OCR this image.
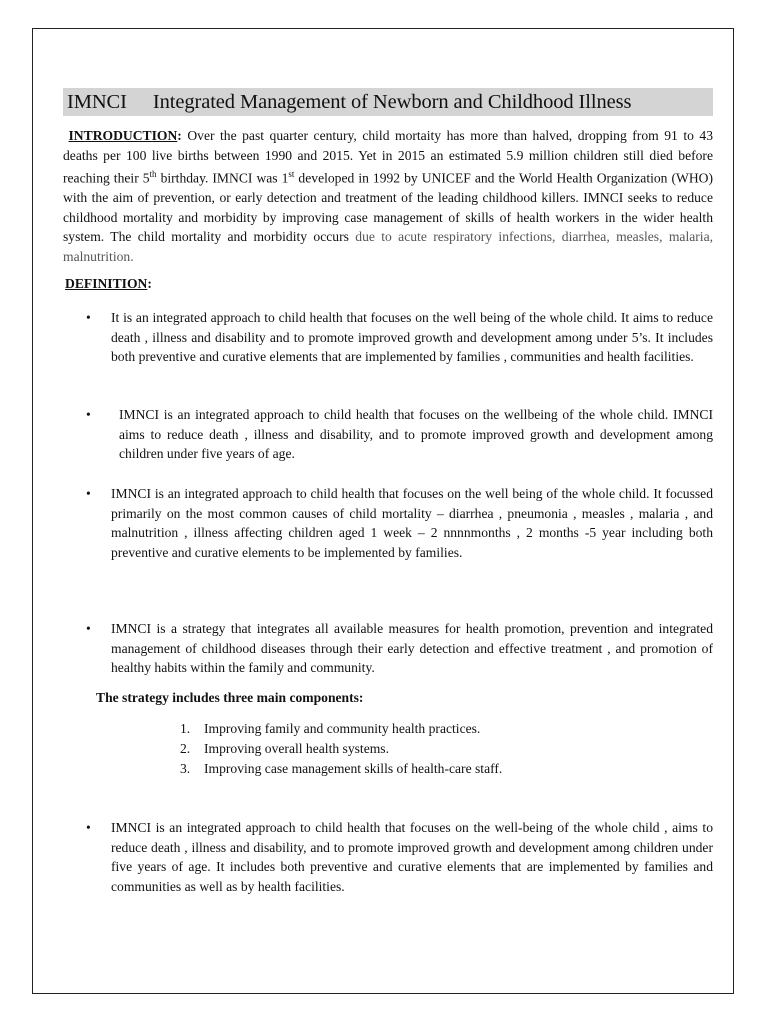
IMNCI Integrated Management of Newborn and Childhood Illness

INTRODUCTION: Over the past quarter century, child mortaity has more than halved, dropping from 91 to 43 deaths per 100 live births between 1990 and 2015. Yet in 2015 an estimated 5.9 million children still died before reaching their 5th birthday. IMNCI was 1st developed in 1992 by UNICEF and the World Health Organization (WHO) with the aim of prevention, or early detection and treatment of the leading childhood killers. IMNCI seeks to reduce childhood mortality and morbidity by improving case management of skills of health workers in the wider health system. The child mortality and morbidity occurs due to acute respiratory infections, diarrhea, measles, malaria, malnutrition.

DEFINITION:
•	It is an integrated approach to child health that focuses on the well being of the whole child. It aims to reduce death , illness and disability and to promote improved growth and development among under 5’s. It includes both preventive and curative elements that are implemented by families , communities and health facilities.
•	IMNCI is an integrated approach to child health that focuses on the wellbeing of the whole child. IMNCI aims to reduce death , illness and disability, and to promote improved growth and development among children under five years of age.
•	IMNCI is an integrated approach to child health that focuses on the well being of the whole child. It focussed primarily on the most common causes of child mortality – diarrhea , pneumonia , measles , malaria , and malnutrition , illness affecting children aged 1 week – 2 nnnnmonths , 2 months -5 year including both preventive and curative elements to be implemented by families.
•	IMNCI is a strategy that integrates all available measures for health promotion, prevention and integrated management of childhood diseases through their early detection and effective treatment , and promotion of healthy habits within the family and community.
The strategy includes three main components:
1.	Improving family and community health practices.
2.	Improving overall health systems.
3.	Improving case management skills of health-care staff.
•	IMNCI is an integrated approach to child health that focuses on the well-being of the whole child , aims to reduce death , illness and disability, and to promote improved growth and development among children under five years of age. It includes both preventive and curative elements that are implemented by families and communities as well as by health facilities.
